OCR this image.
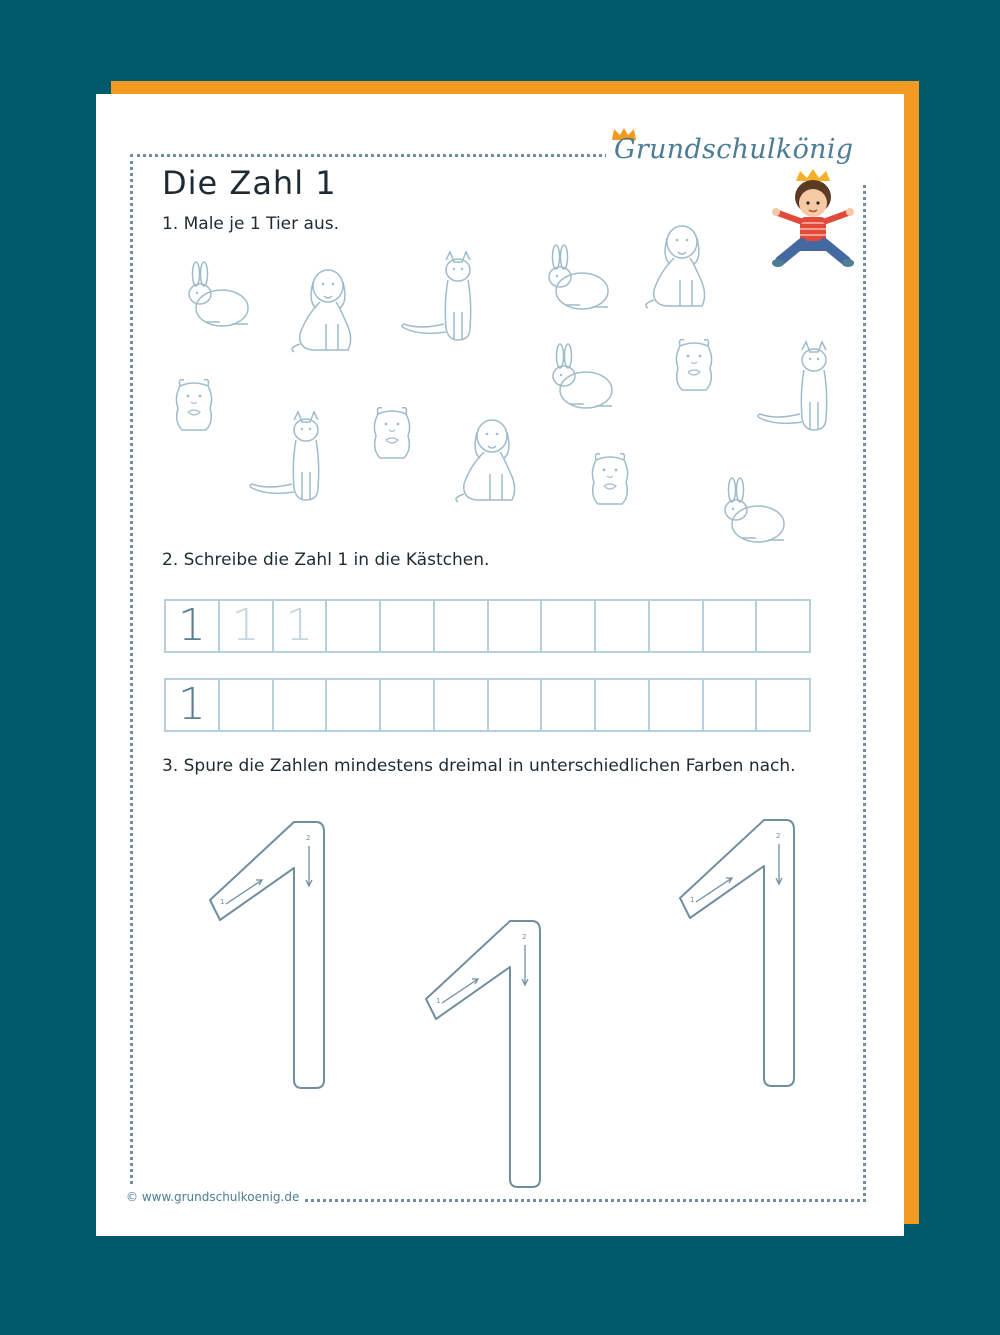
Grundschulkönig
Die Zahl 1
1. Male je 1 Tier aus.
2. Schreibe die Zahl 1 in die Kästchen.
1 1 1
1
3. Spure die Zahlen mindestens dreimal in unterschiedlichen Farben nach.
1
2
© www.grundschulkoenig.de
